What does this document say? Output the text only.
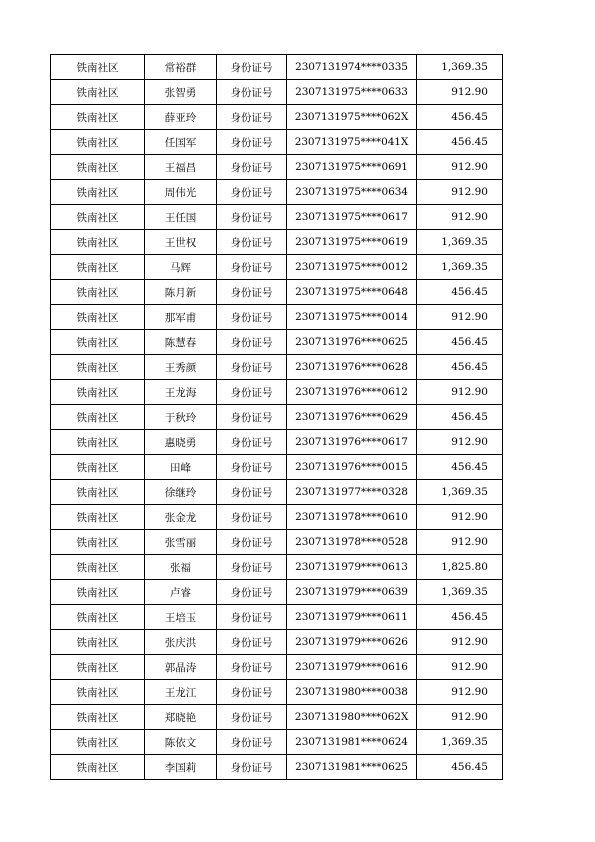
铁南社区	常裕群	身份证号	2307131974****0335	1,369.35
铁南社区	张智勇	身份证号	2307131975****0633	912.90
铁南社区	薛亚玲	身份证号	2307131975****062X	456.45
铁南社区	任国军	身份证号	2307131975****041X	456.45
铁南社区	王福昌	身份证号	2307131975****0691	912.90
铁南社区	周伟光	身份证号	2307131975****0634	912.90
铁南社区	王任国	身份证号	2307131975****0617	912.90
铁南社区	王世权	身份证号	2307131975****0619	1,369.35
铁南社区	马辉	身份证号	2307131975****0012	1,369.35
铁南社区	陈月新	身份证号	2307131975****0648	456.45
铁南社区	那军甫	身份证号	2307131975****0014	912.90
铁南社区	陈慧春	身份证号	2307131976****0625	456.45
铁南社区	王秀颜	身份证号	2307131976****0628	456.45
铁南社区	王龙海	身份证号	2307131976****0612	912.90
铁南社区	于秋玲	身份证号	2307131976****0629	456.45
铁南社区	惠晓勇	身份证号	2307131976****0617	912.90
铁南社区	田峰	身份证号	2307131976****0015	456.45
铁南社区	徐继玲	身份证号	2307131977****0328	1,369.35
铁南社区	张金龙	身份证号	2307131978****0610	912.90
铁南社区	张雪丽	身份证号	2307131978****0528	912.90
铁南社区	张福	身份证号	2307131979****0613	1,825.80
铁南社区	卢睿	身份证号	2307131979****0639	1,369.35
铁南社区	王培玉	身份证号	2307131979****0611	456.45
铁南社区	张庆洪	身份证号	2307131979****0626	912.90
铁南社区	郭晶涛	身份证号	2307131979****0616	912.90
铁南社区	王龙江	身份证号	2307131980****0038	912.90
铁南社区	郑晓艳	身份证号	2307131980****062X	912.90
铁南社区	陈依文	身份证号	2307131981****0624	1,369.35
铁南社区	李国莉	身份证号	2307131981****0625	456.45
